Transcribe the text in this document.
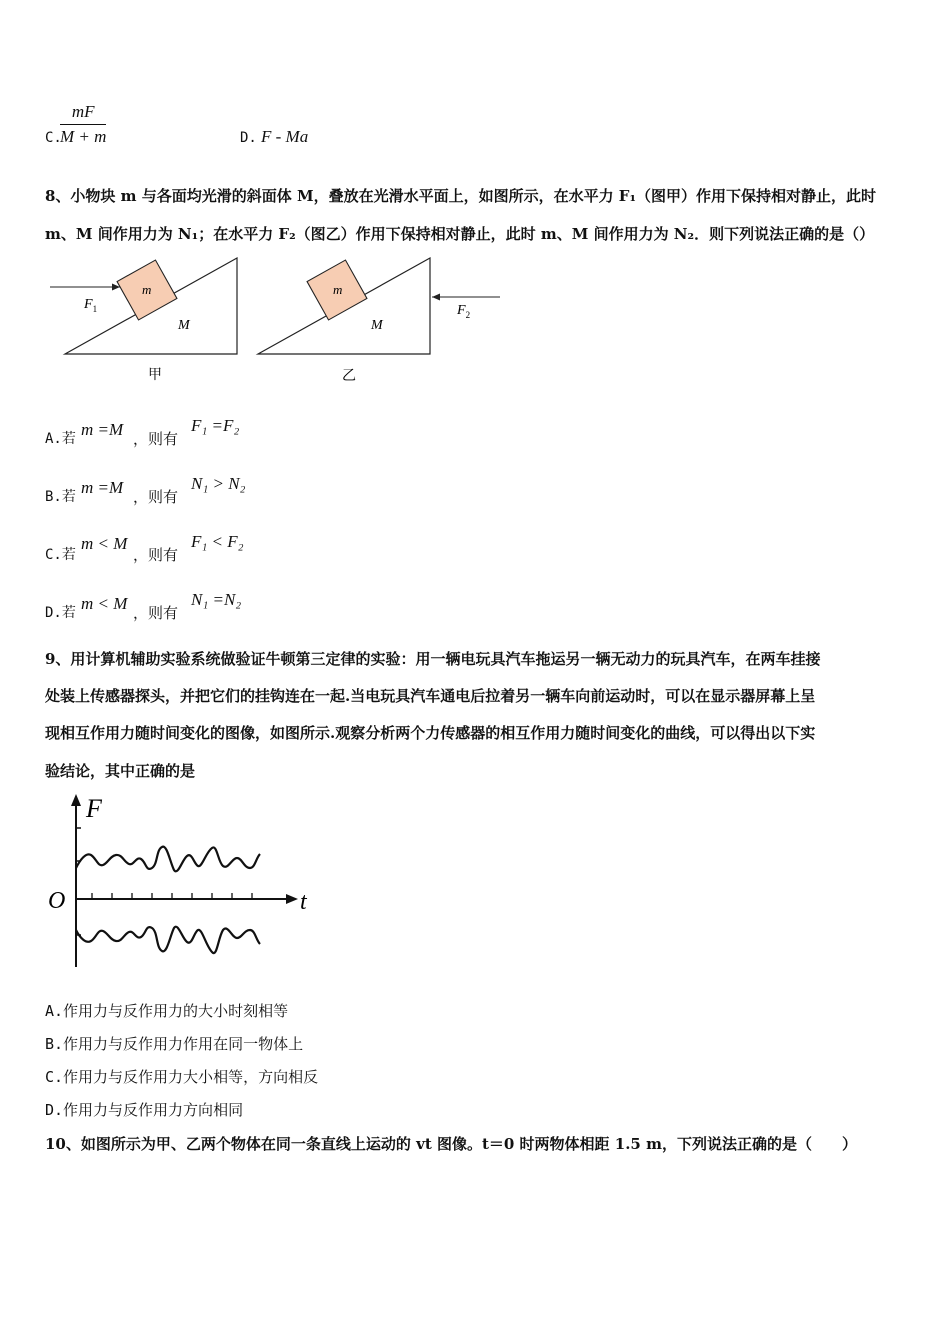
$\frac{mF}{M + m}$
C.	D. F - Ma
8、小物块 m 与各面均光滑的斜面体 M，叠放在光滑水平面上，如图所示，在水平力 F₁（图甲）作用下保持相对静止，此时
m、M 间作用力为 N₁；在水平力 F₂（图乙）作用下保持相对静止，此时 m、M 间作用力为 N₂．则下列说法正确的是（）
m
M
$F_1$
甲
m
M
$F_2$
乙
A.若 m =M ，则有
F₁ =F₂
B.若 m =M ，则有
N₁ > N₂
C.若
m < M
，则有
F₁ < F₂
D.若 m < M ，则有
N₁ =N₂
9、用计算机辅助实验系统做验证牛顿第三定律的实验：用一辆电玩具汽车拖运另一辆无动力的玩具汽车，在两车挂接
处装上传感器探头，并把它们的挂钩连在一起.当电玩具汽车通电后拉着另一辆车向前运动时，可以在显示器屏幕上呈
现相互作用力随时间变化的图像，如图所示.观察分析两个力传感器的相互作用力随时间变化的曲线，可以得出以下实
验结论，其中正确的是
F
t
O
A.作用力与反作用力的大小时刻相等
B.作用力与反作用力作用在同一物体上
C.作用力与反作用力大小相等，方向相反
D.作用力与反作用力方向相同
10、如图所示为甲、乙两个物体在同一条直线上运动的 vt 图像。t＝0 时两物体相距 1.5 m，下列说法正确的是（　　）
